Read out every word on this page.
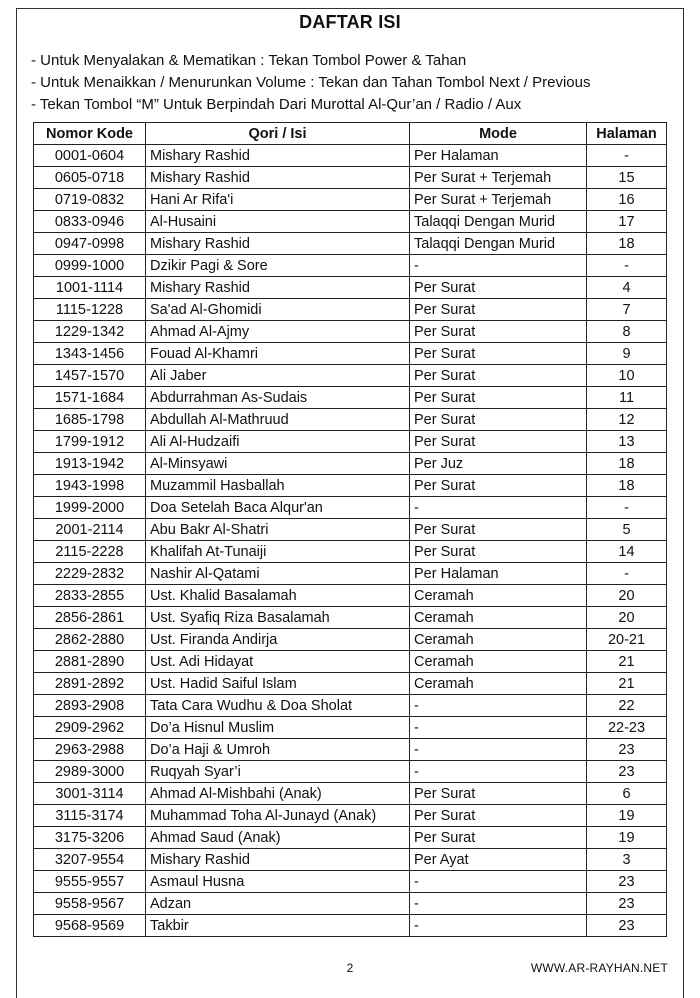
DAFTAR ISI
- Untuk Menyalakan & Mematikan : Tekan Tombol Power & Tahan
- Untuk Menaikkan / Menurunkan Volume : Tekan dan Tahan Tombol Next / Previous
- Tekan Tombol “M” Untuk Berpindah Dari Murottal Al-Qur’an / Radio / Aux
Nomor Kode	Qori / Isi	Mode	Halaman
0001-0604	Mishary Rashid	Per Halaman	-
0605-0718	Mishary Rashid	Per Surat + Terjemah	15
0719-0832	Hani Ar Rifa'i	Per Surat + Terjemah	16
0833-0946	Al-Husaini	Talaqqi Dengan Murid	17
0947-0998	Mishary Rashid	Talaqqi Dengan Murid	18
0999-1000	Dzikir Pagi & Sore	-	-
1001-1114	Mishary Rashid	Per Surat	4
1115-1228	Sa'ad Al-Ghomidi	Per Surat	7
1229-1342	Ahmad Al-Ajmy	Per Surat	8
1343-1456	Fouad Al-Khamri	Per Surat	9
1457-1570	Ali Jaber	Per Surat	10
1571-1684	Abdurrahman As-Sudais	Per Surat	11
1685-1798	Abdullah Al-Mathruud	Per Surat	12
1799-1912	Ali Al-Hudzaifi	Per Surat	13
1913-1942	Al-Minsyawi	Per Juz	18
1943-1998	Muzammil Hasballah	Per Surat	18
1999-2000	Doa Setelah Baca Alqur'an	-	-
2001-2114	Abu Bakr Al-Shatri	Per Surat	5
2115-2228	Khalifah At-Tunaiji	Per Surat	14
2229-2832	Nashir Al-Qatami	Per Halaman	-
2833-2855	Ust. Khalid Basalamah	Ceramah	20
2856-2861	Ust. Syafiq Riza Basalamah	Ceramah	20
2862-2880	Ust. Firanda Andirja	Ceramah	20-21
2881-2890	Ust. Adi Hidayat	Ceramah	21
2891-2892	Ust. Hadid Saiful Islam	Ceramah	21
2893-2908	Tata Cara Wudhu & Doa Sholat	-	22
2909-2962	Do’a Hisnul Muslim	-	22-23
2963-2988	Do’a Haji & Umroh	-	23
2989-3000	Ruqyah Syar’i	-	23
3001-3114	Ahmad Al-Mishbahi (Anak)	Per Surat	6
3115-3174	Muhammad Toha Al-Junayd (Anak)	Per Surat	19
3175-3206	Ahmad Saud (Anak)	Per Surat	19
3207-9554	Mishary Rashid	Per Ayat	3
9555-9557	Asmaul Husna	-	23
9558-9567	Adzan	-	23
9568-9569	Takbir	-	23
2	WWW.AR-RAYHAN.NET
